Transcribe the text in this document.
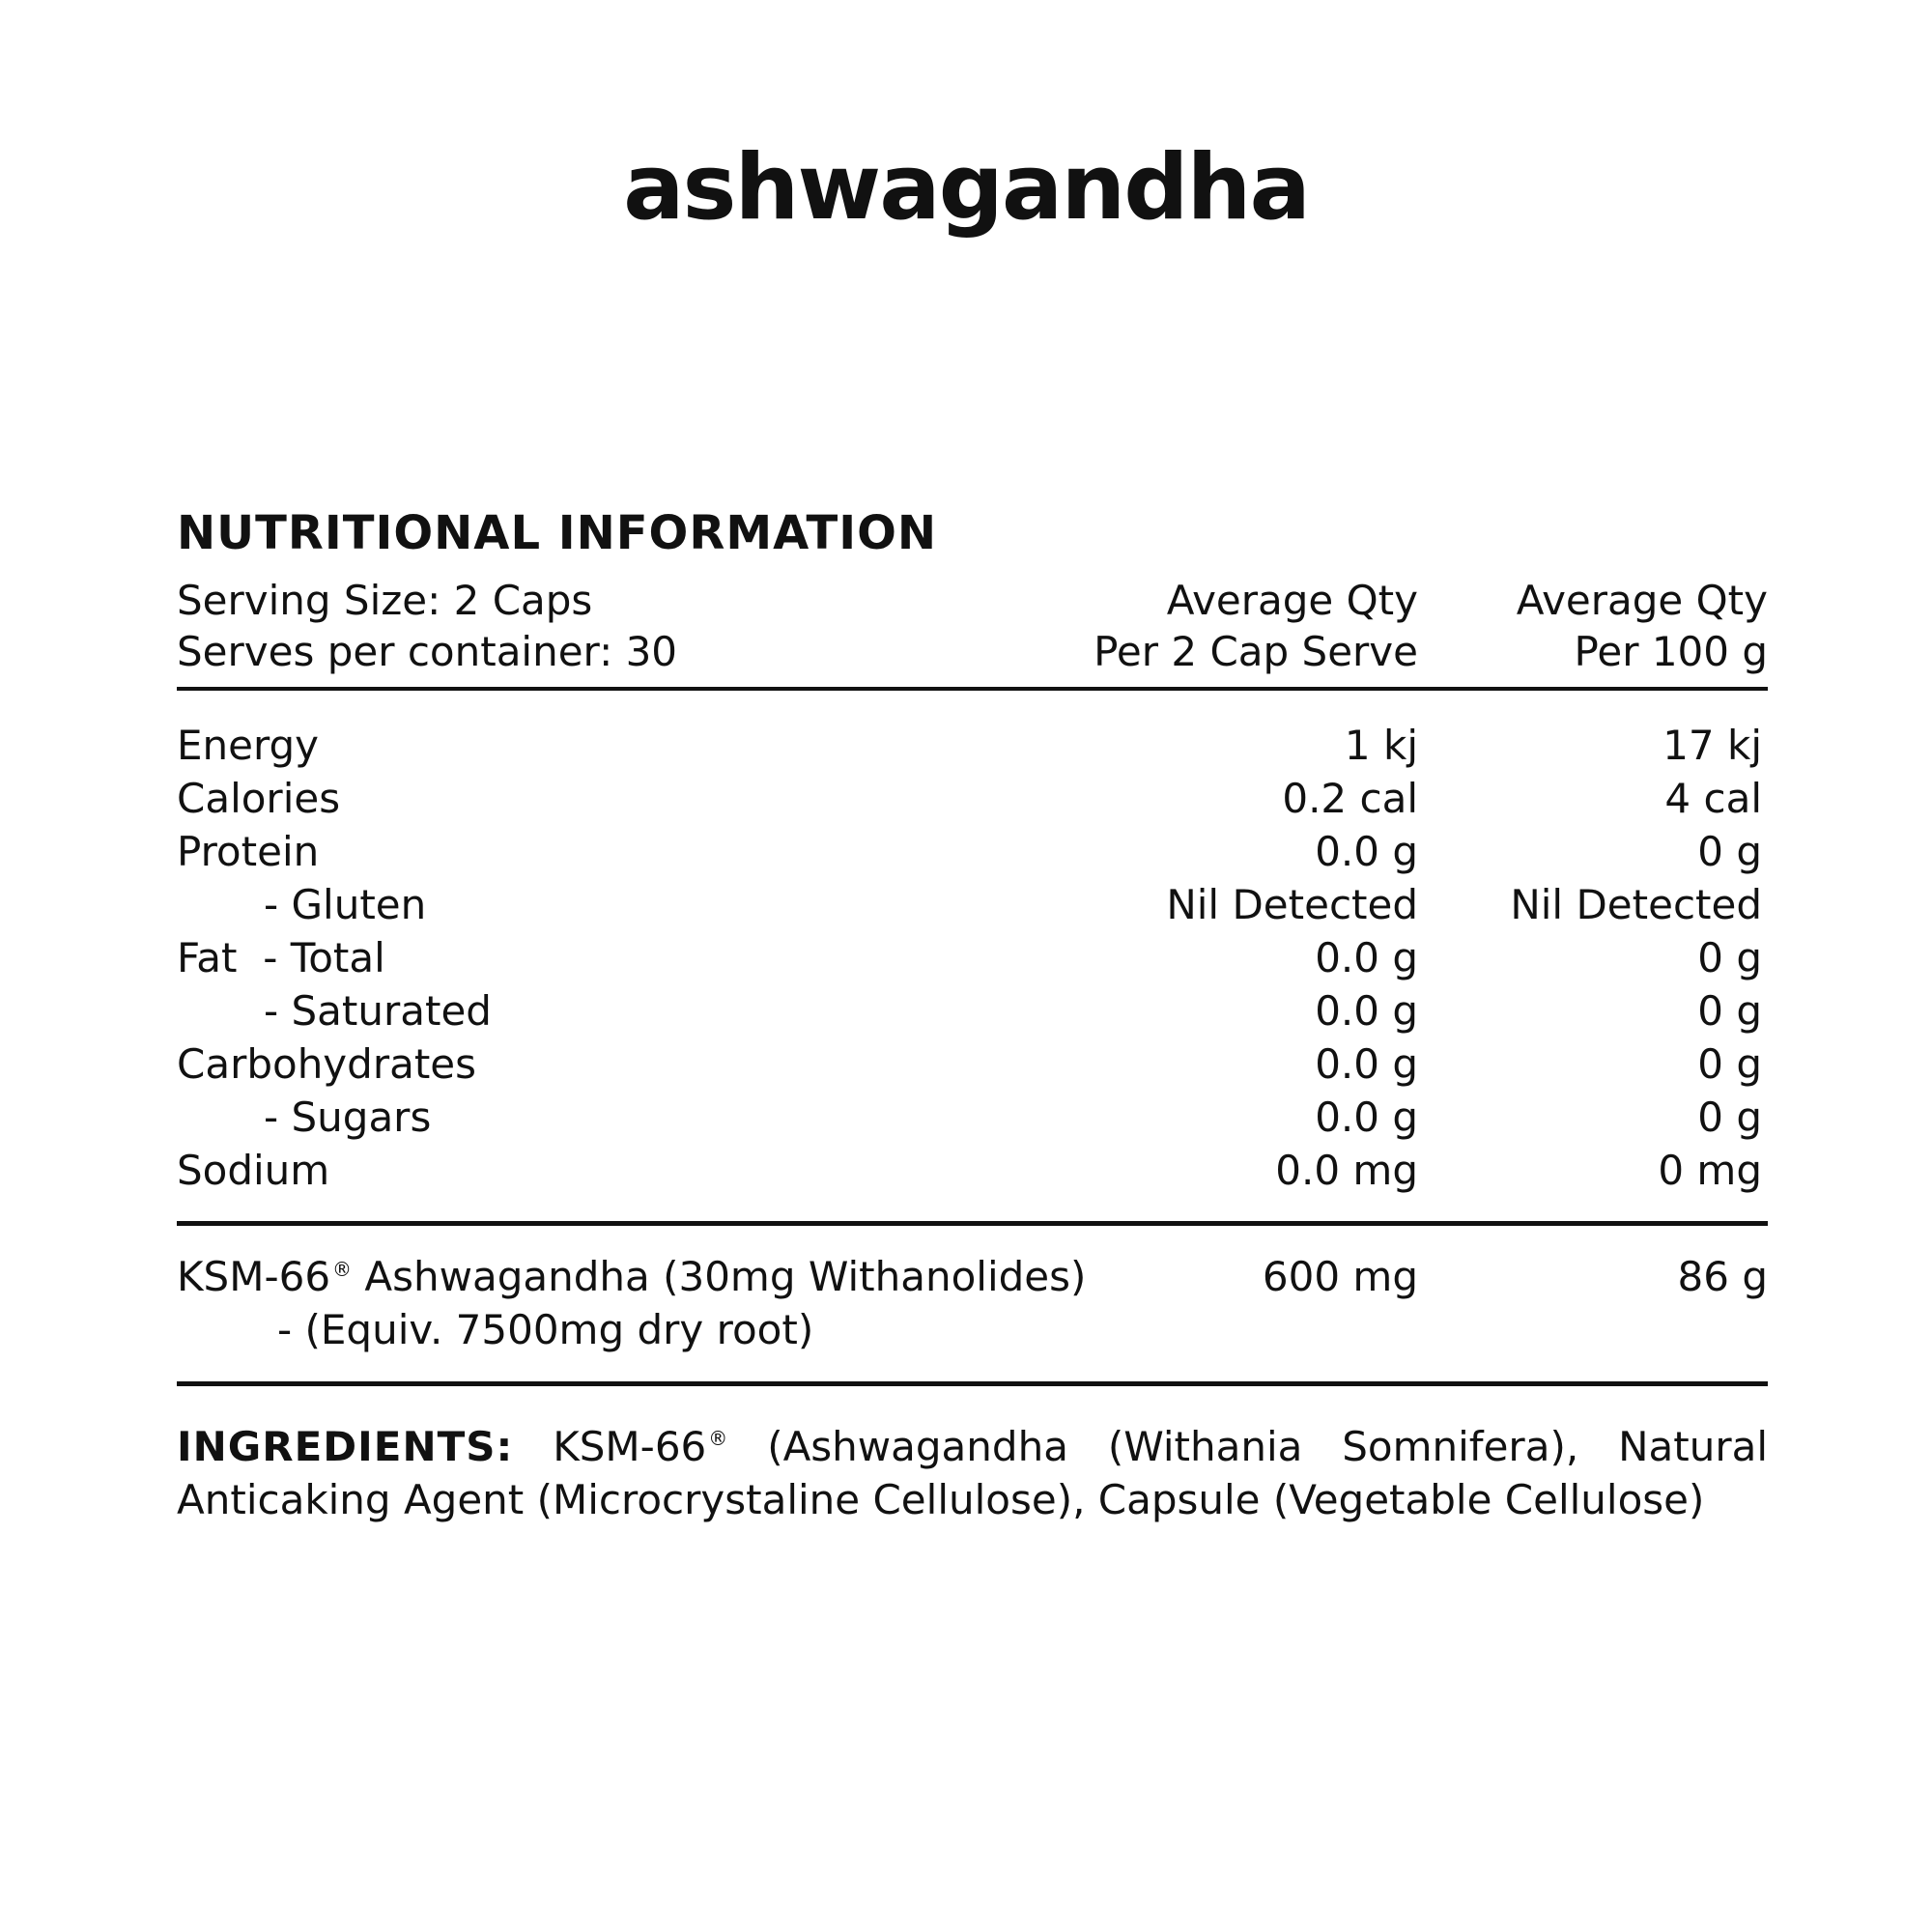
ashwagandha
NUTRITIONAL INFORMATION
Serving Size: 2 Caps	Average Qty Average Qty
Serves per container: 30	Per 2 Cap Serve	Per 100 g
Energy	1 kj	17 kj
Calories	0.2 cal	4 cal
Protein	0.0 g	0 g
- Gluten	Nil Detected Nil Detected
Fat  - Total	0.0 g	0 g
- Saturated	0.0 g	0 g
Carbohydrates	0.0 g	0 g
- Sugars	0.0 g	0 g
Sodium	0.0 mg	0 mg
KSM-66 ® Ashwagandha (30mg Withanolides)	600 mg	86 g
- (Equiv. 7500mg dry root)
INGREDIENTS: KSM-66 ® (Ashwagandha (Withania Somnifera), Natural Anticaking Agent (Microcrystaline Cellulose), Capsule (Vegetable Cellulose)
